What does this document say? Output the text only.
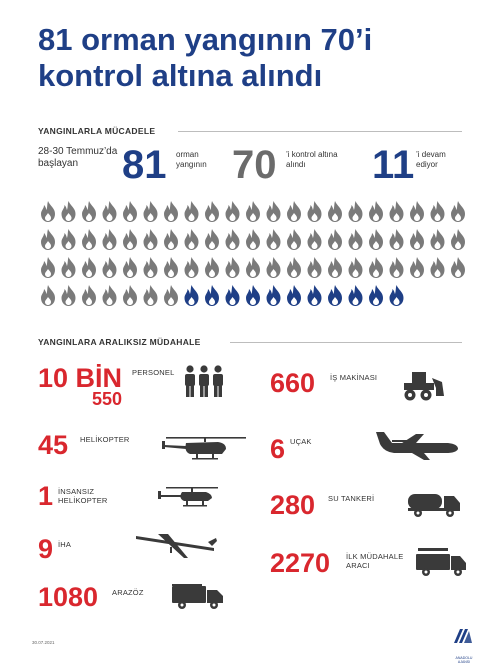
81 orman yangının 70’i kontrol altına alındı
YANGINLARLA MÜCADELE
28-30 Temmuz’da başlayan	81 orman yangının 70 ’i kontrol altına alındı	11 ’i devam ediyor
YANGINLARA ARALIKSIZ MÜDAHALE
10 BİN
550
PERSONEL
45 HELİKOPTER
1 İNSANSIZ HELİKOPTER
9 İHA
1080 ARAZÖZ
660 İŞ MAKİNASI
6 UÇAK
280 SU TANKERİ
2270 İLK MÜDAHALE ARACI
30.07.2021
ANADOLU AJANSI
